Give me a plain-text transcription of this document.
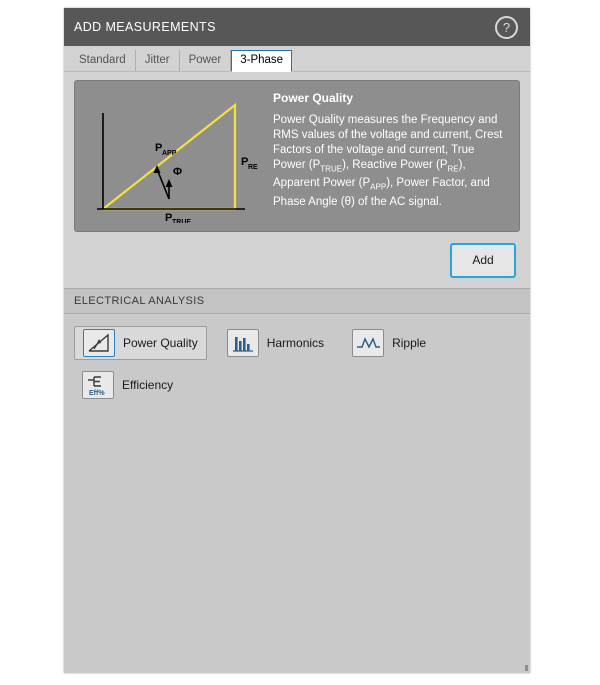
ADD MEASUREMENTS	?
Standard	Jitter	Power	3-Phase
P APP
Φ
P TRUE
P RE
Power Quality
Power Quality measures the Frequency and RMS values of the voltage and current, Crest Factors of the voltage and current, True Power $(P_{TRUE})$, Reactive Power $(P_{RE})$, Apparent Power $(P_{APP})$, Power Factor, and Phase Angle (θ) of the AC signal.
Add
ELECTRICAL ANALYSIS
Power Quality	Harmonics	Ripple
Eff%
Efficiency
